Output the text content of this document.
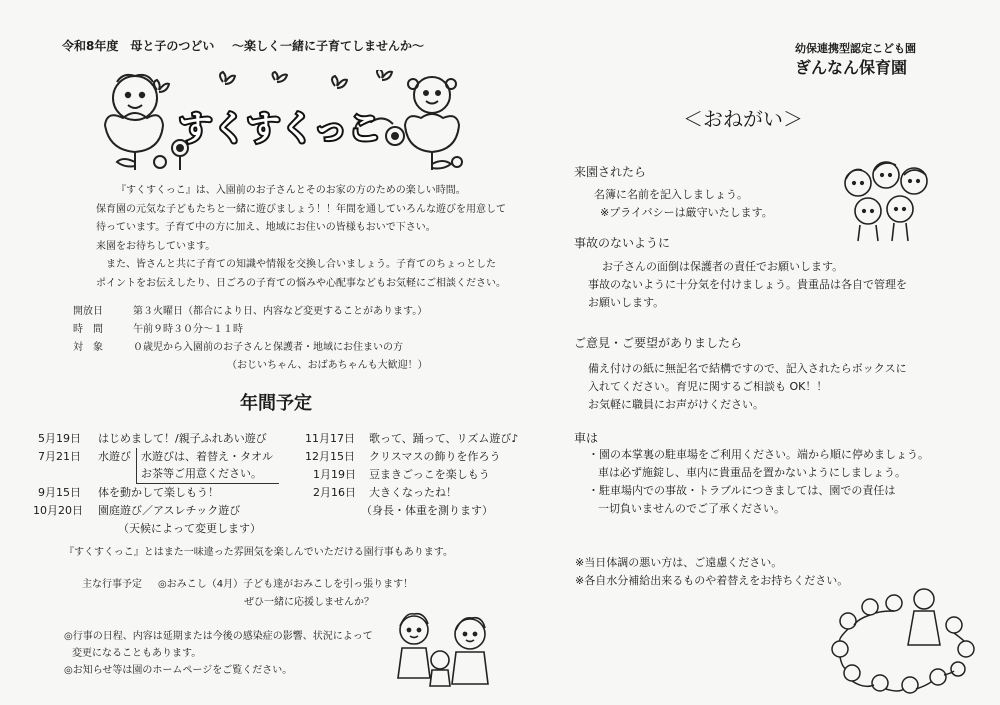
令和8年度　 母と子のつどい ～楽しく一緒に子育てしませんか～
すくすくっこ
『すくすくっこ』は、入園前のお子さんとそのお家の方のための楽しい時間。
保育園の元気な子どもたちと一緒に遊びましょう！！年間を通していろんな遊びを用意して
待っています。子育て中の方に加え、地域にお住いの皆様もおいで下さい。
来園をお待ちしています。
　また、皆さんと共に子育ての知識や情報を交換し合いましょう。子育てのちょっとした
ポイントをお伝えしたり、日ごろの子育ての悩みや心配事などもお気軽にご相談ください。
開放日	第３火曜日（都合により日、内容など変更することがあります。）
時　間	午前９時３０分～１１時
対　象	０歳児から入園前のお子さんと保護者・地域にお住まいの方
（おじいちゃん、おばあちゃんも大歓迎！）
年間予定
5月19日 はじめまして！/親子ふれあい遊び
7月21日 水遊び 水遊びは、着替え・タオル
お茶等ご用意ください。
9月15日 体を動かして楽しもう！
10月20日 園庭遊び／アスレチック遊び
（天候によって変更します）
11月17日 歌って、踊って、リズム遊び♪
12月15日 クリスマスの飾りを作ろう
1月19日 豆まきごっこを楽しもう
2月16日 大きくなったね！
（身長・体重を測ります）
『すくすくっこ』とはまた一味違った雰囲気を楽しんでいただける園行事もあります。
主な行事予定 ◎おみこし（4月）子ども達がおみこしを引っ張ります！
ぜひ一緒に応援しませんか？
◎行事の日程、内容は延期または今後の感染症の影響、状況によって
変更になることもあります。
◎お知らせ等は園のホームページをご覧ください。
幼保連携型認定こども園
ぎんなん保育園
＜おねがい＞
来園されたら
名簿に名前を記入しましょう。
※プライバシーは厳守いたします。
事故のないように
お子さんの面倒は保護者の責任でお願いします。
事故のないように十分気を付けましょう。貴重品は各自で管理を
お願いします。
ご意見・ご要望がありましたら
備え付けの紙に無記名で結構ですので、記入されたらボックスに
入れてください。育児に関するご相談も OK！！
お気軽に職員にお声がけください。
車は
・園の本掌裏の駐車場をご利用ください。端から順に停めましょう。
車は必ず施錠し、車内に貴重品を置かないようにしましょう。
・駐車場内での事故・トラブルにつきましては、園での責任は
一切負いませんのでご了承ください。
※当日体調の悪い方は、ご遠慮ください。
※各自水分補給出来るものや着替えをお持ちください。
